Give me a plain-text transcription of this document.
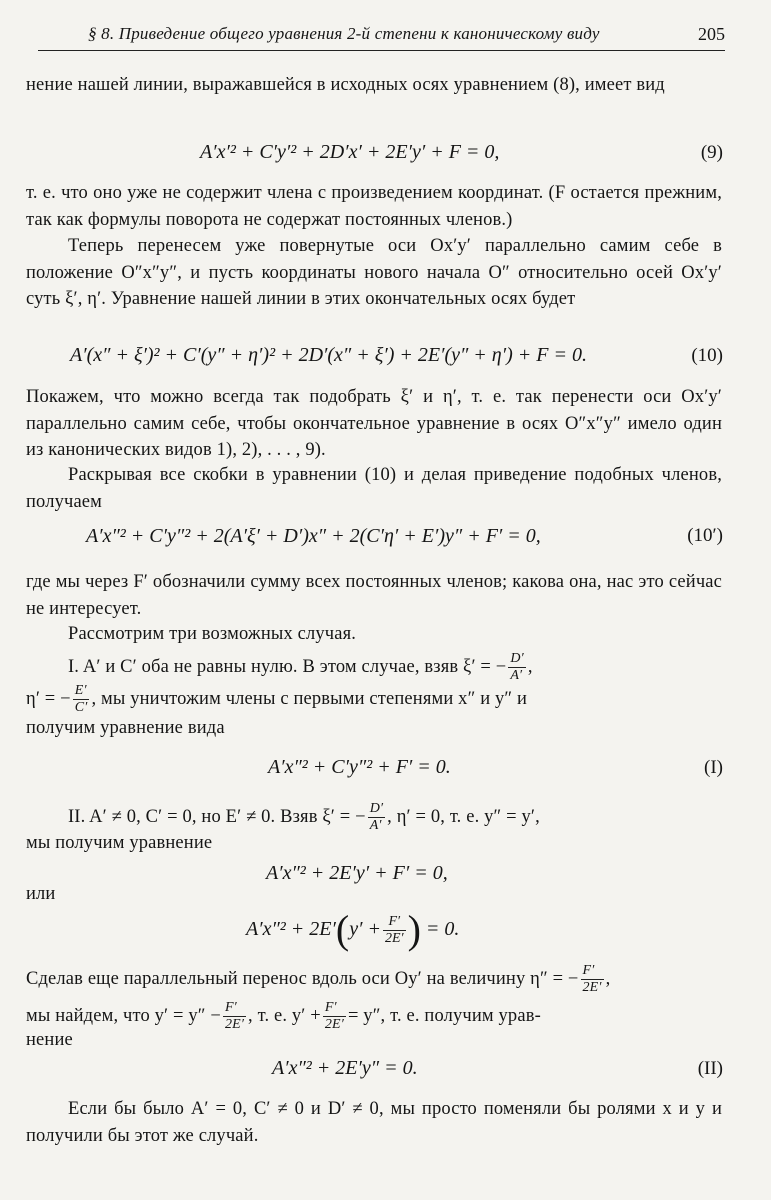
§ 8. Приведение общего уравнения 2-й степени к каноническому виду	205
нение нашей линии, выражавшейся в исходных осях уравнением (8), имеет вид
A′x′² + C′y′² + 2D′x′ + 2E′y′ + F = 0,	(9)
т. е. что оно уже не содержит члена с произведением координат. (F остается прежним, так как формулы поворота не содержат постоянных членов.)
Теперь перенесем уже повернутые оси Ox′y′ параллельно самим себе в положение O″x″y″, и пусть координаты нового начала O″ относительно осей Ox′y′ суть ξ′, η′. Уравнение нашей линии в этих окончательных осях будет
A′(x″ + ξ′)² + C′(y″ + η′)² + 2D′(x″ + ξ′) + 2E′(y″ + η′) + F = 0.	(10)
Покажем, что можно всегда так подобрать ξ′ и η′, т. е. так перенести оси Ox′y′ параллельно самим себе, чтобы окончательное уравнение в осях O″x″y″ имело один из канонических видов 1), 2), . . . , 9).
Раскрывая все скобки в уравнении (10) и делая приведение подобных членов, получаем
A′x″² + C′y″² + 2(A′ξ′ + D′)x″ + 2(C′η′ + E′)y″ + F′ = 0,	(10′)
где мы через F′ обозначили сумму всех постоянных членов; какова она, нас это сейчас не интересует.
Рассмотрим три возможных случая.
I. A′ и C′ оба не равны нулю. В этом случае, взяв ξ′ = − $\frac{D'}{A'}$ ,
η′ = − $\frac{E'}{C'}$ , мы уничтожим члены с первыми степенями x″ и y″ и
получим уравнение вида
A′x″² + C′y″² + F′ = 0.	(I)
II. A′ ≠ 0, C′ = 0, но E′ ≠ 0. Взяв ξ′ = − $\frac{D'}{A'}$ , η′ = 0, т. е. y″ = y′,
мы получим уравнение
A′x″² + 2E′y′ + F′ = 0,
или
$A'x''^2 + 2E'(y' + \frac{F'}{2E'}$ ) = 0.
Сделав еще параллельный перенос вдоль оси Oy′ на величину η″ = − $\frac{F'}{2E'}$ ,
мы найдем, что $y' = y'' - \frac{F'}{2E'}$ , т. е. $y' + \frac{F'}{2E'} = y''$, т. е. получим урав-
нение
A′x″² + 2E′y″ = 0.	(II)
Если бы было A′ = 0, C′ ≠ 0 и D′ ≠ 0, мы просто поменяли бы ролями x и y и получили бы этот же случай.
